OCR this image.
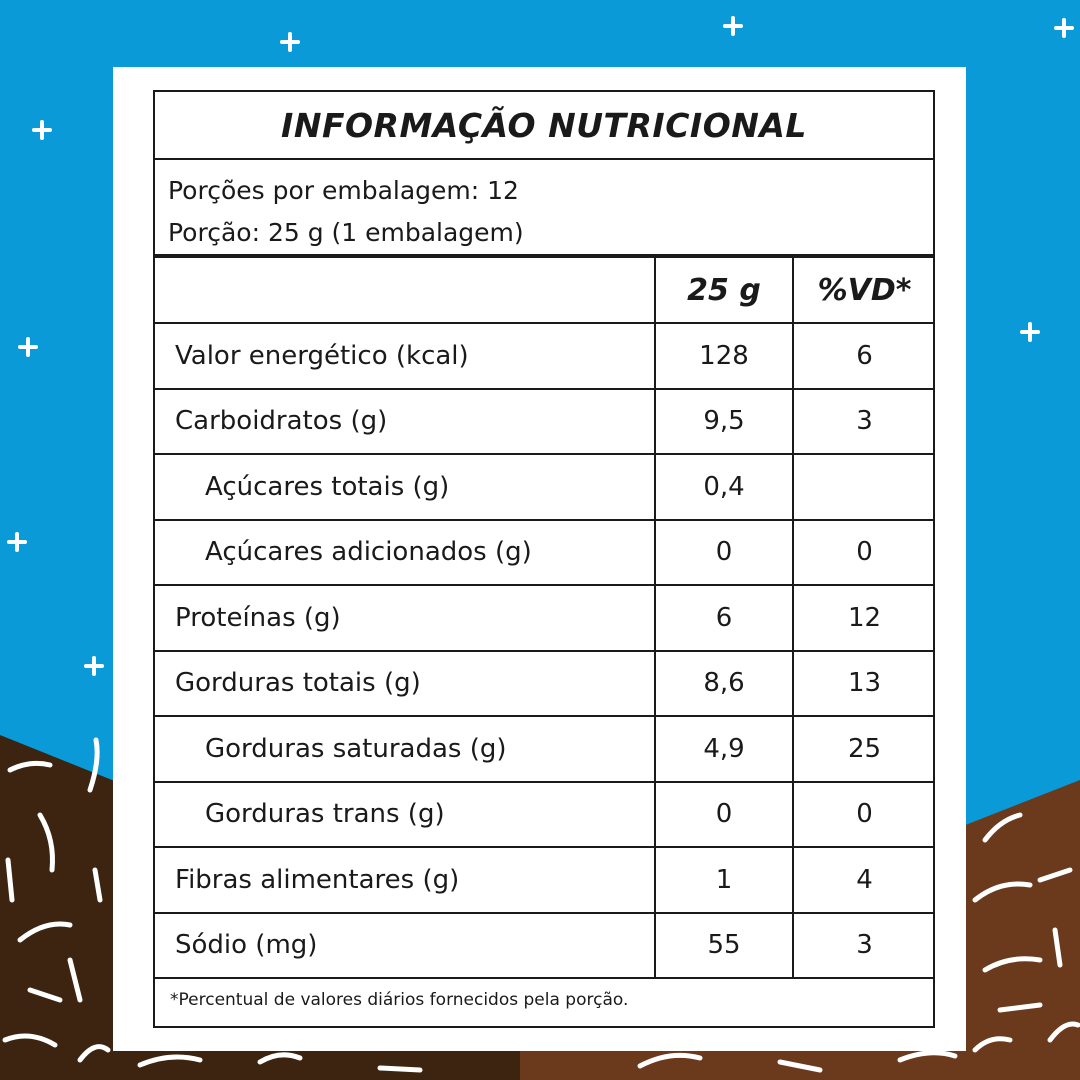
INFORMAÇÃO NUTRICIONAL
Porções por embalagem: 12
Porção: 25 g (1 embalagem)
25 g	%VD*
Valor energético (kcal)	128	6
Carboidratos (g)	9,5	3
Açúcares totais (g)	0,4
Açúcares adicionados (g)	0	0
Proteínas (g)	6	12
Gorduras totais (g)	8,6	13
Gorduras saturadas (g)	4,9	25
Gorduras trans (g)	0	0
Fibras alimentares (g)	1	4
Sódio (mg)	55	3
*Percentual de valores diários fornecidos pela porção.
